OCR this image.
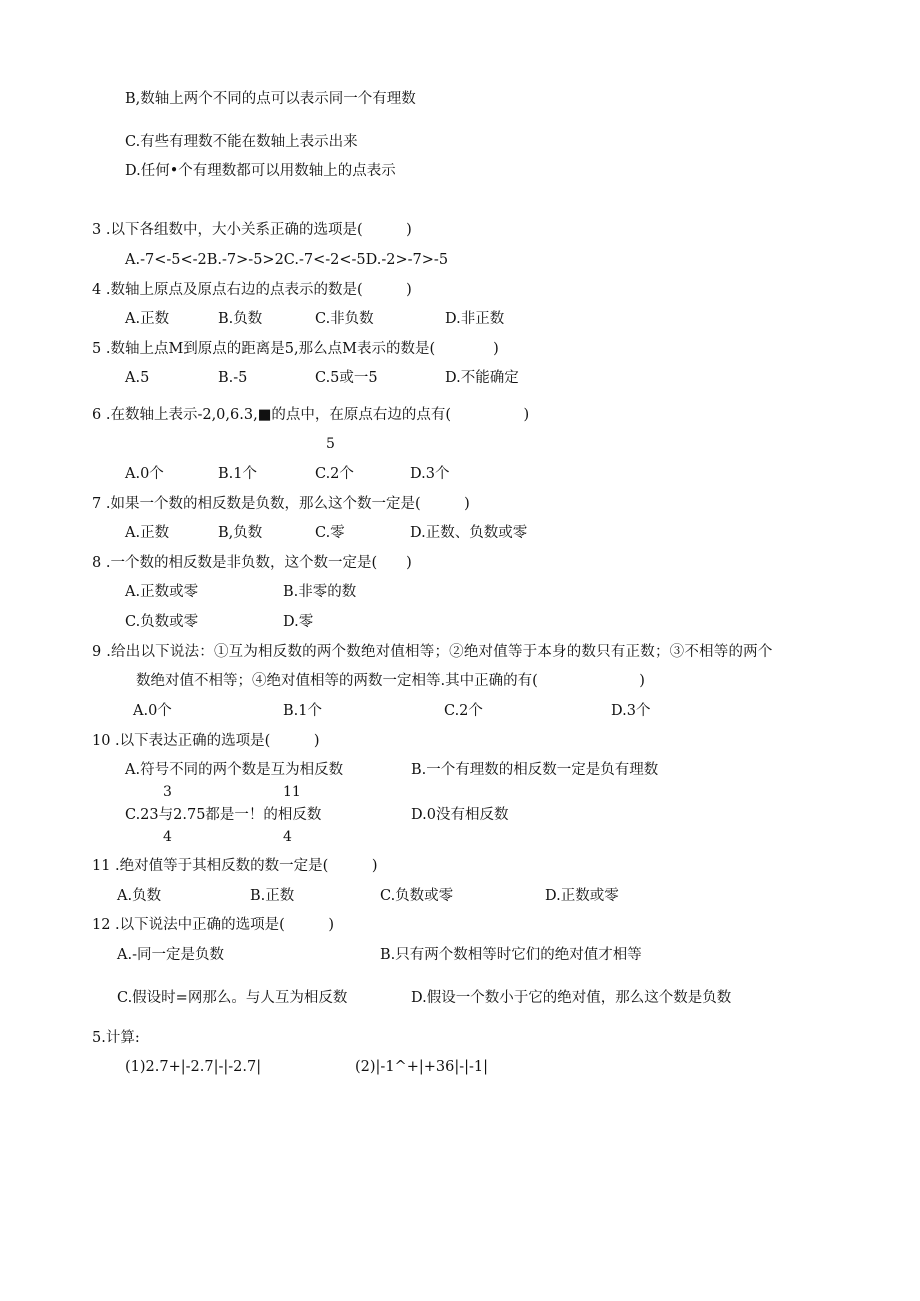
B,数轴上两个不同的点可以表示同一个有理数
C.有些有理数不能在数轴上表示出来
D.任何•个有理数都可以用数轴上的点表示
3 .以下各组数中，大小关系正确的选项是(　　　)
A.-7<-5<-2B.-7>-5>2C.-7<-2<-5D.-2>-7>-5
4 .数轴上原点及原点右边的点表示的数是(　　　)
A.正数	B.负数	C.非负数	D.非正数
5 .数轴上点M到原点的距离是5,那么点M表示的数是(　　　　)
A.5	B.-5	C.5或一5	D.不能确定
6 .在数轴上表示-2,0,6.3,■的点中，在原点右边的点有(　　　　　)
5
A.0个	B.1个	C.2个	D.3个
7 .如果一个数的相反数是负数，那么这个数一定是(　　　)
A.正数	B,负数	C.零	D.正数、负数或零
8 .一个数的相反数是非负数，这个数一定是(　　)
A.正数或零	B.非零的数
C.负数或零	D.零
9 .给出以下说法：①互为相反数的两个数绝对值相等；②绝对值等于本身的数只有正数；③不相等的两个
数绝对值不相等；④绝对值相等的两数一定相等.其中正确的有(　　　　　　　)
A.0个	B.1个	C.2个	D.3个
10 .以下表达正确的选项是(　　　)
A.符号不同的两个数是互为相反数	B.一个有理数的相反数一定是负有理数
3	11
C.23与2.75都是一！的相反数	D.0没有相反数
4	4
11 .绝对值等于其相反数的数一定是(　　　)
A.负数	B.正数	C.负数或零	D.正数或零
12 .以下说法中正确的选项是(　　　)
A.-同一定是负数	B.只有两个数相等时它们的绝对值才相等
C.假设时=网那么。与人互为相反数	D.假设一个数小于它的绝对值，那么这个数是负数
5.计算:
(1)2.7+|-2.7|-|-2.7|	(2)|-1^+|+36|-|-1|
